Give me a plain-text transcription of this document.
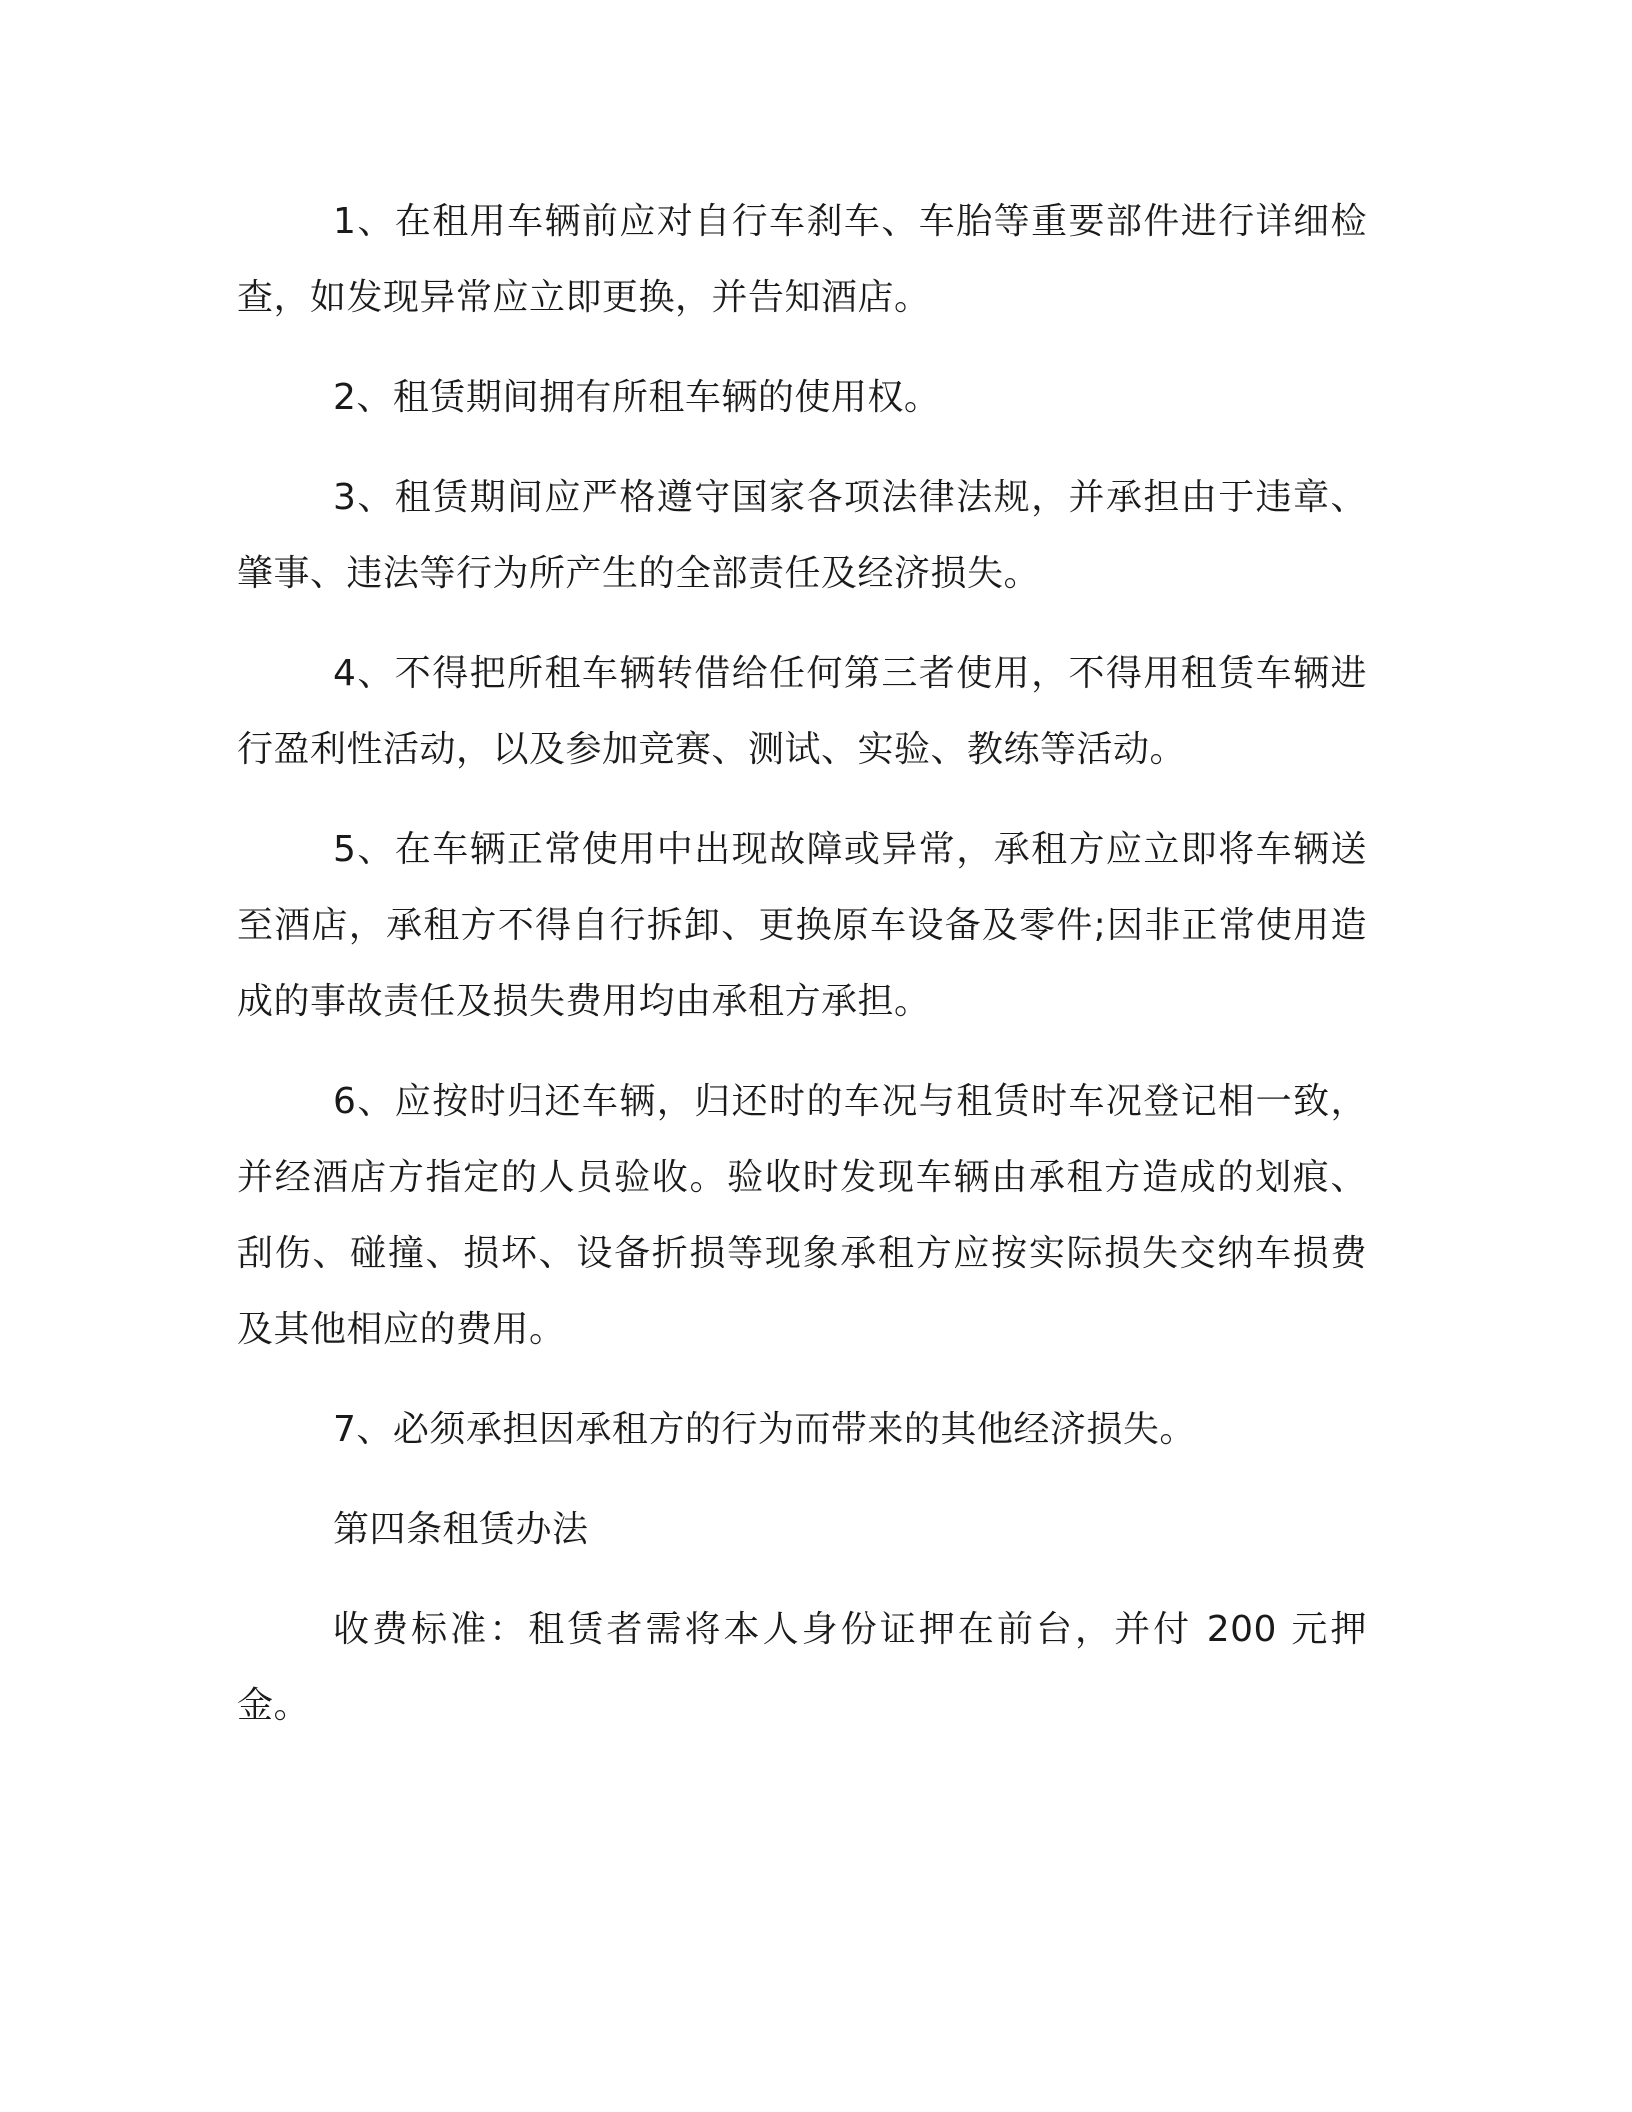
1、在租用车辆前应对自行车刹车、车胎等重要部件进行详细检查，如发现异常应立即更换，并告知酒店。

2、租赁期间拥有所租车辆的使用权。

3、租赁期间应严格遵守国家各项法律法规，并承担由于违章、肇事、违法等行为所产生的全部责任及经济损失。

4、不得把所租车辆转借给任何第三者使用，不得用租赁车辆进行盈利性活动，以及参加竞赛、测试、实验、教练等活动。

5、在车辆正常使用中出现故障或异常，承租方应立即将车辆送至酒店，承租方不得自行拆卸、更换原车设备及零件;因非正常使用造成的事故责任及损失费用均由承租方承担。

6、应按时归还车辆，归还时的车况与租赁时车况登记相一致，并经酒店方指定的人员验收。验收时发现车辆由承租方造成的划痕、刮伤、碰撞、损坏、设备折损等现象承租方应按实际损失交纳车损费及其他相应的费用。

7、必须承担因承租方的行为而带来的其他经济损失。

第四条租赁办法

收费标准：租赁者需将本人身份证押在前台，并付 200 元押金。
